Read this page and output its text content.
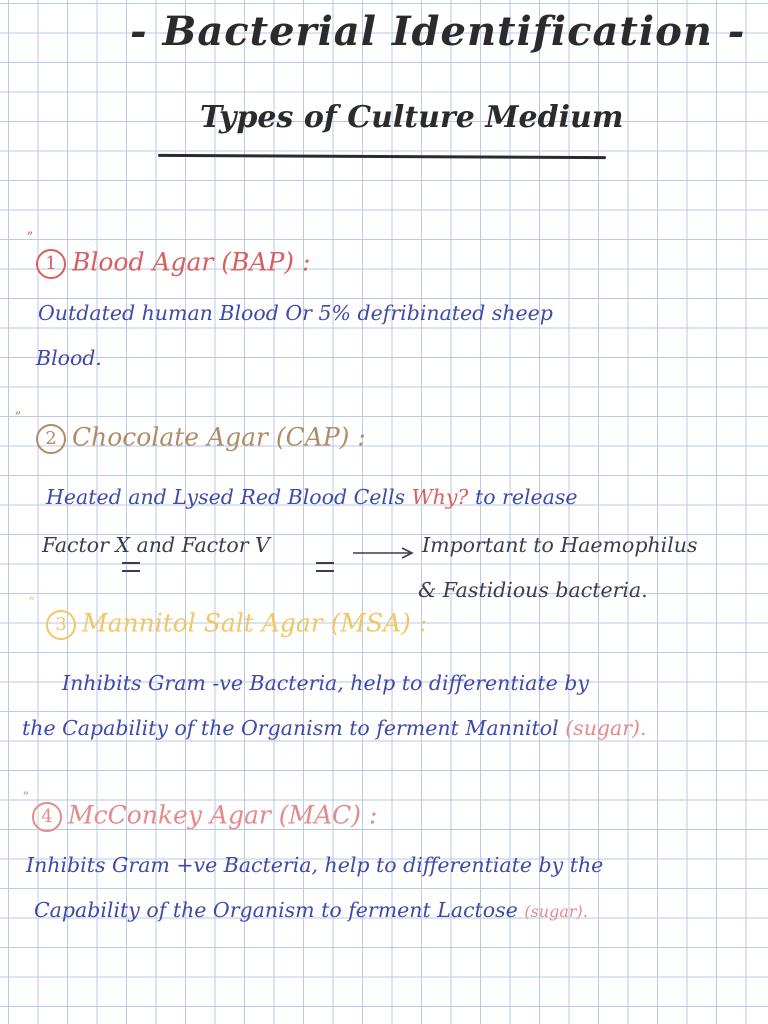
- Bacterial Identification -
Types of Culture Medium
ˮ
1 Blood Agar (BAP) :
Outdated human Blood Or 5% defribinated sheep
Blood.
ˮ
2 Chocolate Agar (CAP) :
Heated and Lysed Red Blood Cells Why? to release
Factor X and Factor V	Important to Haemophilus
& Fastidious bacteria.
ˮ
3 Mannitol Salt Agar (MSA) :
Inhibits Gram -ve Bacteria, help to differentiate by
the Capability of the Organism to ferment Mannitol (sugar).
ˮ
4 McConkey Agar (MAC) :
Inhibits Gram +ve Bacteria, help to differentiate by the
Capability of the Organism to ferment Lactose (sugar).
